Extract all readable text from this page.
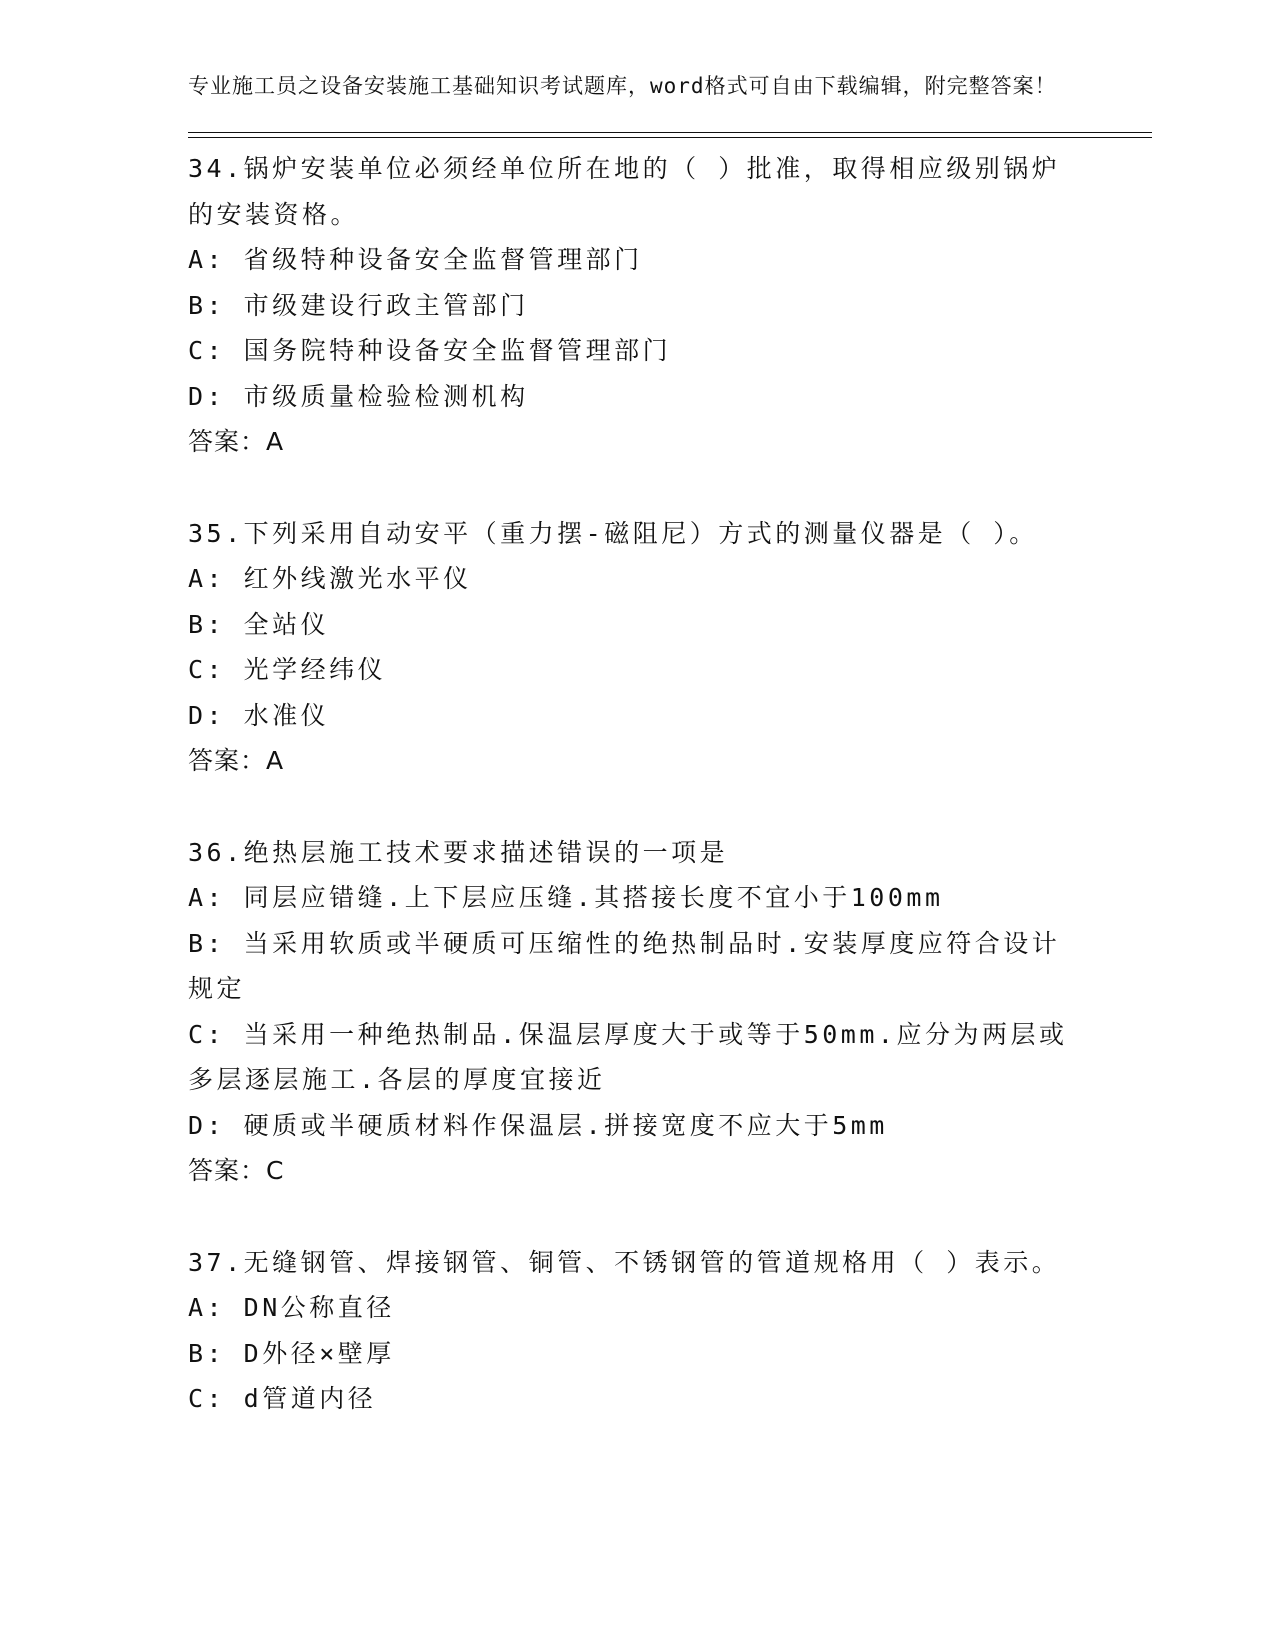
专业施工员之设备安装施工基础知识考试题库，word格式可自由下载编辑，附完整答案！
34.锅炉安装单位必须经单位所在地的（ ）批准，取得相应级别锅炉的安装资格。
A: 省级特种设备安全监督管理部门
B: 市级建设行政主管部门
C: 国务院特种设备安全监督管理部门
D: 市级质量检验检测机构
答案：A
35.下列采用自动安平（重力摆-磁阻尼）方式的测量仪器是（ ）。
A: 红外线激光水平仪
B: 全站仪
C: 光学经纬仪
D: 水准仪
答案：A
36.绝热层施工技术要求描述错误的一项是
A: 同层应错缝.上下层应压缝.其搭接长度不宜小于100mm
B: 当采用软质或半硬质可压缩性的绝热制品时.安装厚度应符合设计规定
C: 当采用一种绝热制品.保温层厚度大于或等于50mm.应分为两层或多层逐层施工.各层的厚度宜接近
D: 硬质或半硬质材料作保温层.拼接宽度不应大于5mm
答案：C
37.无缝钢管、焊接钢管、铜管、不锈钢管的管道规格用（ ）表示。
A: DN公称直径
B: D外径×壁厚
C: d管道内径
